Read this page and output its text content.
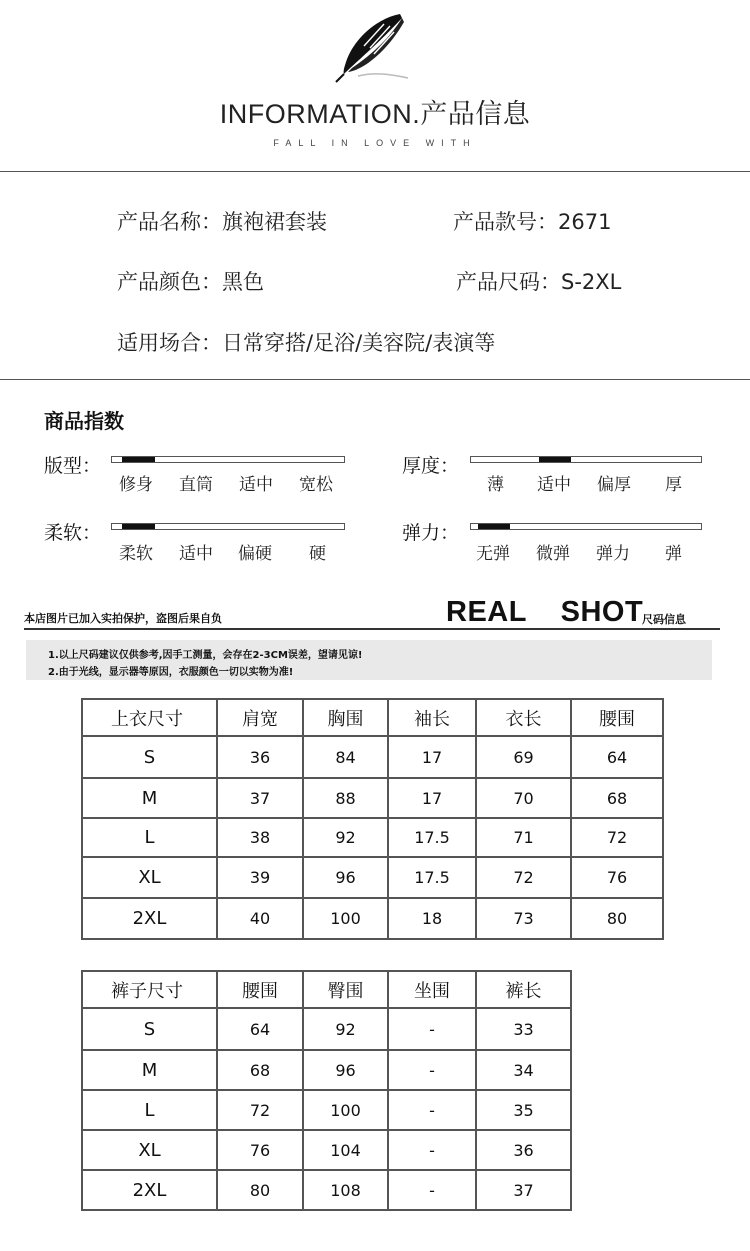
INFORMATION.产品信息
FALL IN LOVE WITH
产品名称：旗袍裙套装	产品款号：2671
产品颜色：黑色	产品尺码：S-2XL
适用场合：日常穿搭/足浴/美容院/表演等
商品指数
版型：
修身 直筒 适中 宽松
厚度：
薄 适中 偏厚 厚
柔软：
柔软 适中 偏硬 硬
弹力：
无弹 微弹 弹力 弹
本店图片已加入实拍保护，盗图后果自负	REAL    SHOT
尺码信息
1.以上尺码建议仅供参考,因手工测量，会存在2-3CM误差，望请见谅!
2.由于光线，显示器等原因，衣服颜色一切以实物为准!
上衣尺寸	肩宽	胸围	袖长	衣长	腰围
S	36	84	17	69	64
M	37	88	17	70	68
L	38	92	17.5	71	72
XL	39	96	17.5	72	76
2XL	40	100	18	73	80
裤子尺寸	腰围	臀围	坐围	裤长
S	64	92	-	33
M	68	96	-	34
L	72	100	-	35
XL	76	104	-	36
2XL	80	108	-	37
